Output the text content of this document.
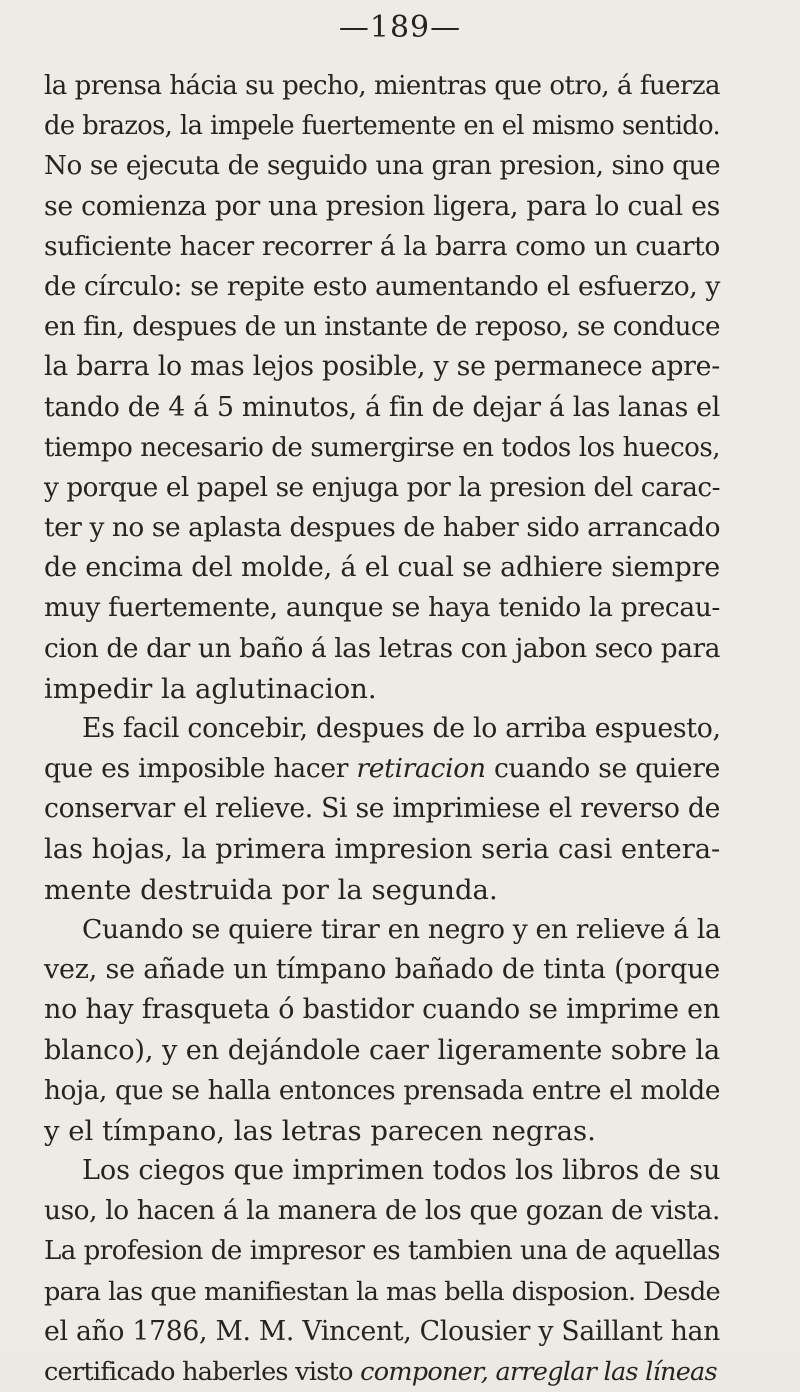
—189—
la prensa hácia su pecho, mientras que otro, á fuerza
de brazos, la impele fuertemente en el mismo sentido.
No se ejecuta de seguido una gran presion, sino que
se comienza por una presion ligera, para lo cual es
suficiente hacer recorrer á la barra como un cuarto
de círculo: se repite esto aumentando el esfuerzo, y
en fin, despues de un instante de reposo, se conduce
la barra lo mas lejos posible, y se permanece apre-
tando de 4 á 5 minutos, á fin de dejar á las lanas el
tiempo necesario de sumergirse en todos los huecos,
y porque el papel se enjuga por la presion del carac-
ter y no se aplasta despues de haber sido arrancado
de encima del molde, á el cual se adhiere siempre
muy fuertemente, aunque se haya tenido la precau-
cion de dar un baño á las letras con jabon seco para
impedir la aglutinacion.
Es facil concebir, despues de lo arriba espuesto,
que es imposible hacer retiracion cuando se quiere
conservar el relieve. Si se imprimiese el reverso de
las hojas, la primera impresion seria casi entera-
mente destruida por la segunda.
Cuando se quiere tirar en negro y en relieve á la
vez, se añade un tímpano bañado de tinta (porque
no hay frasqueta ó bastidor cuando se imprime en
blanco), y en dejándole caer ligeramente sobre la
hoja, que se halla entonces prensada entre el molde
y el tímpano, las letras parecen negras.
Los ciegos que imprimen todos los libros de su
uso, lo hacen á la manera de los que gozan de vista.
La profesion de impresor es tambien una de aquellas
para las que manifiestan la mas bella disposion. Desde
el año 1786, M. M. Vincent, Clousier y Saillant han
certificado haberles visto componer, arreglar las líneas
